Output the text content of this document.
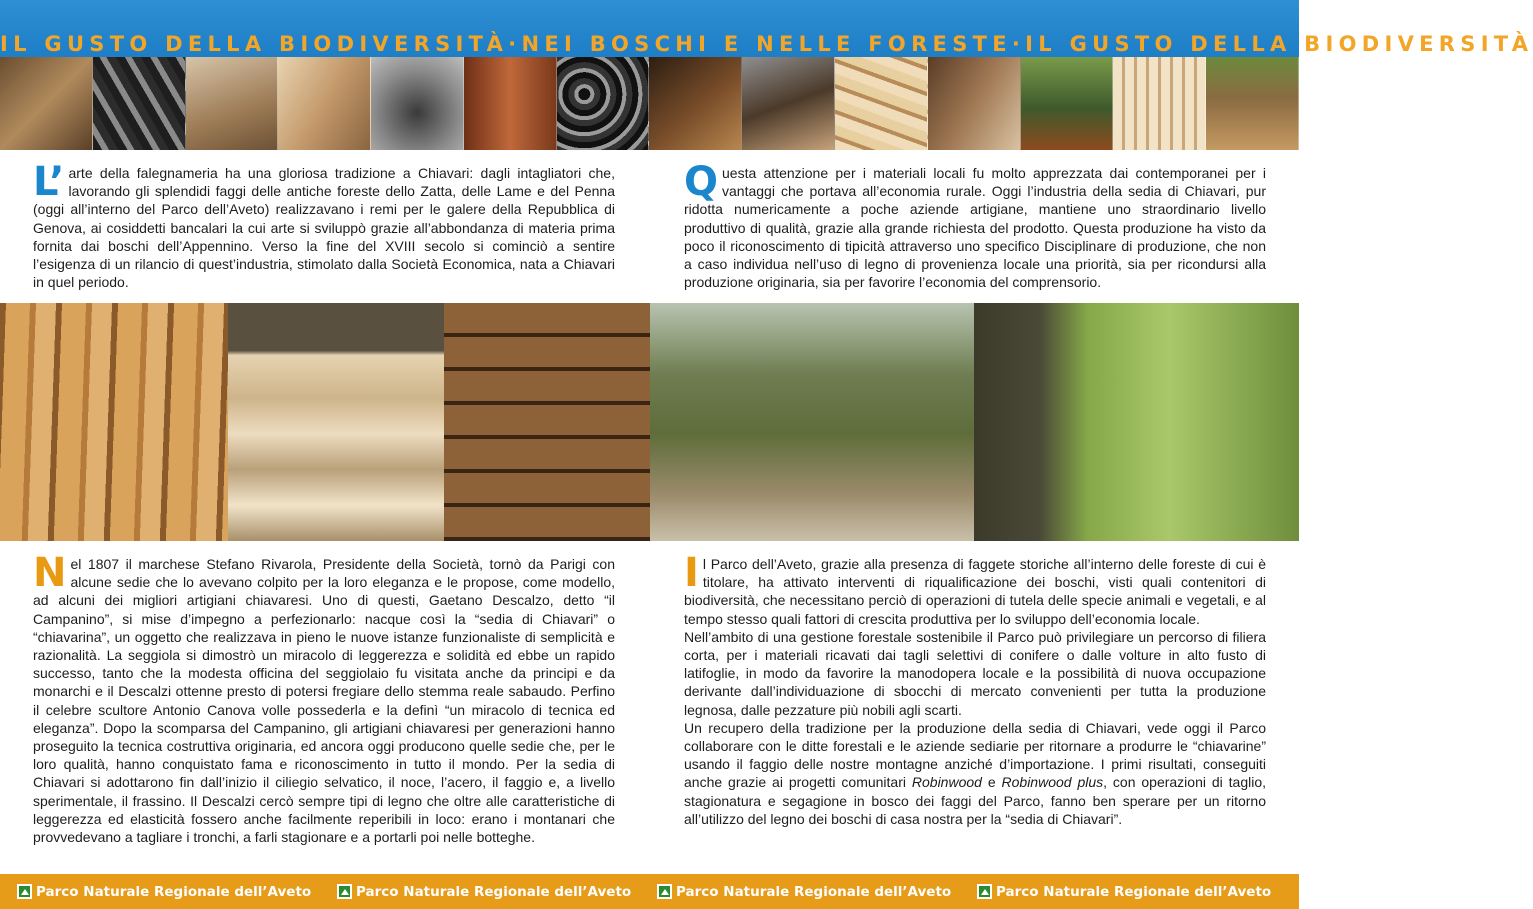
IL GUSTO DELLA BIODIVERSITÀ·NEI BOSCHI E NELLE FORESTE·IL GUSTO DELLA BIODIVERSITÀ

L’ arte della falegnameria ha una gloriosa tradizione a Chiavari: dagli intagliatori che, lavorando gli splendidi faggi delle antiche foreste dello Zatta, delle Lame e del Penna (oggi all’interno del Parco dell’Aveto) realizzavano i remi per le galere della Repubblica di Genova, ai cosiddetti bancalari la cui arte si sviluppò grazie all’abbondanza di materia prima fornita dai boschi dell’Appennino. Verso la fine del XVIII secolo si cominciò a sentire l’esigenza di un rilancio di quest’industria, stimolato dalla Società Economica, nata a Chiavari in quel periodo.

Questa attenzione per i materiali locali fu molto apprezzata dai contemporanei per i vantaggi che portava all’economia rurale. Oggi l’industria della sedia di Chiavari, pur ridotta numericamente a poche aziende artigiane, mantiene uno straordinario livello produttivo di qualità, grazie alla grande richiesta del prodotto. Questa produzione ha visto da poco il riconoscimento di tipicità attraverso uno specifico Disciplinare di produzione, che non a caso individua nell’uso di legno di provenienza locale una priorità, sia per ricondursi alla produzione originaria, sia per favorire l’economia del comprensorio.

Nel 1807 il marchese Stefano Rivarola, Presidente della Società, tornò da Parigi con alcune sedie che lo avevano colpito per la loro eleganza e le propose, come modello, ad alcuni dei migliori artigiani chiavaresi. Uno di questi, Gaetano Descalzo, detto “il Campanino”, si mise d’impegno a perfezionarlo: nacque così la “sedia di Chiavari” o “chiavarina”, un oggetto che realizzava in pieno le nuove istanze funzionaliste di semplicità e razionalità. La seggiola si dimostrò un miracolo di leggerezza e solidità ed ebbe un rapido successo, tanto che la modesta officina del seggiolaio fu visitata anche da principi e da monarchi e il Descalzi ottenne presto di potersi fregiare dello stemma reale sabaudo. Perfino il celebre scultore Antonio Canova volle possederla e la definì “un miracolo di tecnica ed eleganza”. Dopo la scomparsa del Campanino, gli artigiani chiavaresi per generazioni hanno proseguito la tecnica costruttiva originaria, ed ancora oggi producono quelle sedie che, per le loro qualità, hanno conquistato fama e riconoscimento in tutto il mondo. Per la sedia di Chiavari si adottarono fin dall’inizio il ciliegio selvatico, il noce, l’acero, il faggio e, a livello sperimentale, il frassino. Il Descalzi cercò sempre tipi di legno che oltre alle caratteristiche di leggerezza ed elasticità fossero anche facilmente reperibili in loco: erano i montanari che provvedevano a tagliare i tronchi, a farli stagionare e a portarli poi nelle botteghe.

Il Parco dell’Aveto, grazie alla presenza di faggete storiche all’interno delle foreste di cui è titolare, ha attivato interventi di riqualificazione dei boschi, visti quali contenitori di biodiversità, che necessitano perciò di operazioni di tutela delle specie animali e vegetali, e al tempo stesso quali fattori di crescita produttiva per lo sviluppo dell’economia locale.

Nell’ambito di una gestione forestale sostenibile il Parco può privilegiare un percorso di filiera corta, per i materiali ricavati dai tagli selettivi di conifere o dalle volture in alto fusto di latifoglie, in modo da favorire la manodopera locale e la possibilità di nuova occupazione derivante dall’individuazione di sbocchi di mercato convenienti per tutta la produzione legnosa, dalle pezzature più nobili agli scarti.

Un recupero della tradizione per la produzione della sedia di Chiavari, vede oggi il Parco collaborare con le ditte forestali e le aziende sediarie per ritornare a produrre le “chiavarine” usando il faggio delle nostre montagne anziché d’importazione. I primi risultati, conseguiti anche grazie ai progetti comunitari Robinwood e Robinwood plus, con operazioni di taglio, stagionatura e segagione in bosco dei faggi del Parco, fanno ben sperare per un ritorno all’utilizzo del legno dei boschi di casa nostra per la “sedia di Chiavari”.

Parco Naturale Regionale dell’Aveto	Parco Naturale Regionale dell’Aveto	Parco Naturale Regionale dell’Aveto	Parco Naturale Regionale dell’Aveto
